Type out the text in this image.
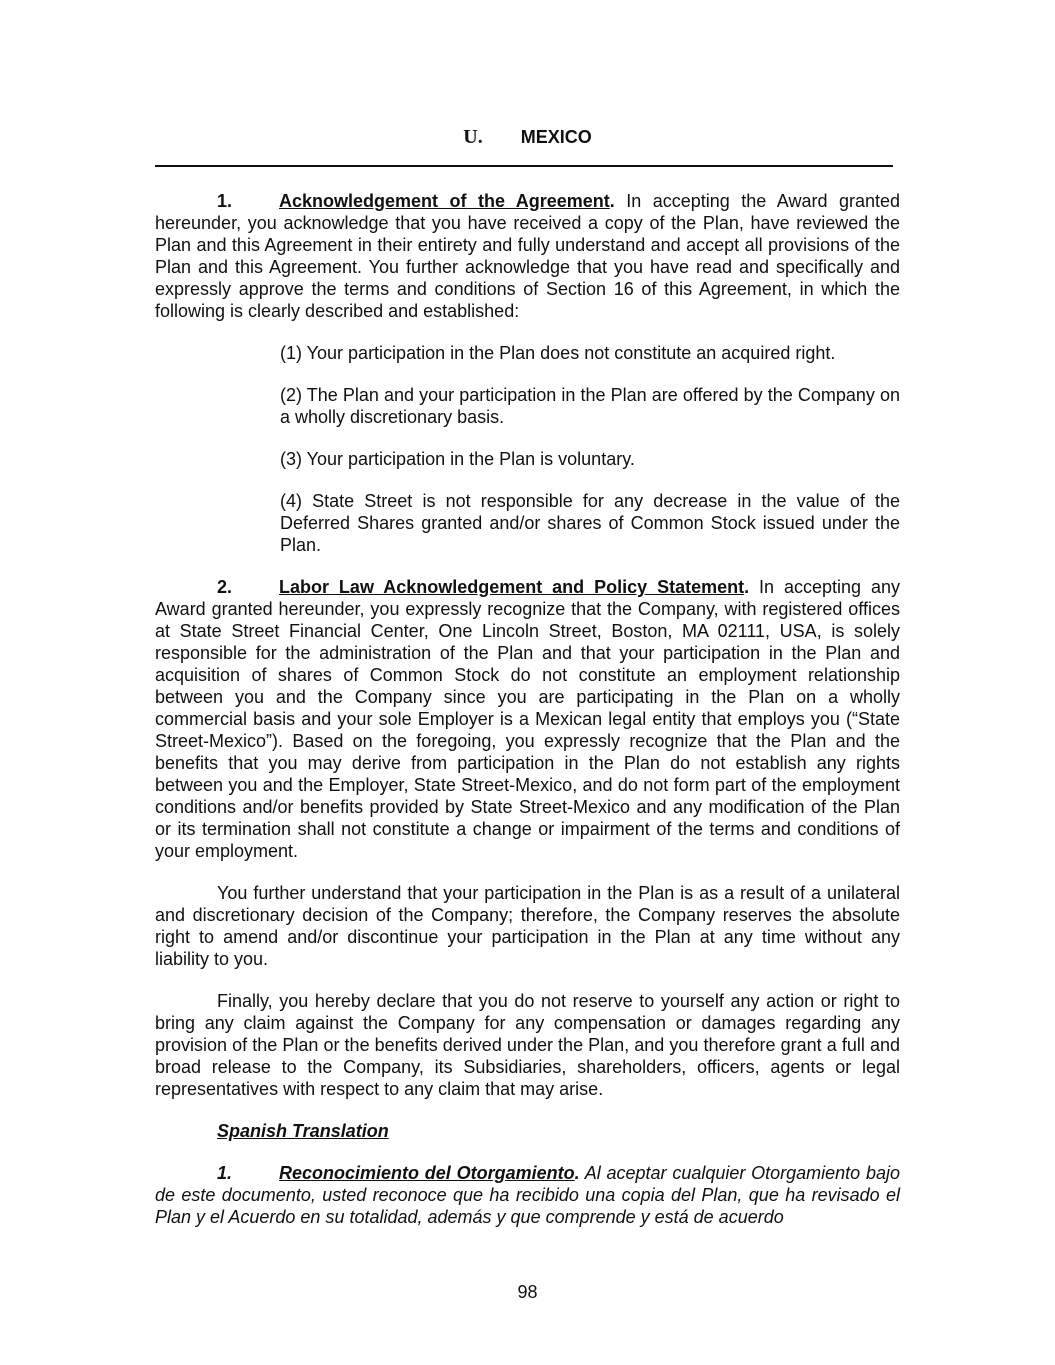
U. MEXICO

1.	Acknowledgement of the Agreement. In accepting the Award granted hereunder, you acknowledge that you have received a copy of the Plan, have reviewed the Plan and this Agreement in their entirety and fully understand and accept all provisions of the Plan and this Agreement. You further acknowledge that you have read and specifically and expressly approve the terms and conditions of Section 16 of this Agreement, in which the following is clearly described and established:

(1) Your participation in the Plan does not constitute an acquired right.

(2) The Plan and your participation in the Plan are offered by the Company on a wholly discretionary basis.

(3) Your participation in the Plan is voluntary.

(4) State Street is not responsible for any decrease in the value of the Deferred Shares granted and/or shares of Common Stock issued under the Plan.

2.	Labor Law Acknowledgement and Policy Statement. In accepting any Award granted hereunder, you expressly recognize that the Company, with registered offices at State Street Financial Center, One Lincoln Street, Boston, MA 02111, USA, is solely responsible for the administration of the Plan and that your participation in the Plan and acquisition of shares of Common Stock do not constitute an employment relationship between you and the Company since you are participating in the Plan on a wholly commercial basis and your sole Employer is a Mexican legal entity that employs you (“State Street-Mexico”). Based on the foregoing, you expressly recognize that the Plan and the benefits that you may derive from participation in the Plan do not establish any rights between you and the Employer, State Street-Mexico, and do not form part of the employment conditions and/or benefits provided by State Street-Mexico and any modification of the Plan or its termination shall not constitute a change or impairment of the terms and conditions of your employment.

You further understand that your participation in the Plan is as a result of a unilateral and discretionary decision of the Company; therefore, the Company reserves the absolute right to amend and/or discontinue your participation in the Plan at any time without any liability to you.

Finally, you hereby declare that you do not reserve to yourself any action or right to bring any claim against the Company for any compensation or damages regarding any provision of the Plan or the benefits derived under the Plan, and you therefore grant a full and broad release to the Company, its Subsidiaries, shareholders, officers, agents or legal representatives with respect to any claim that may arise.

Spanish Translation

1.	Reconocimiento del Otorgamiento. Al aceptar cualquier Otorgamiento bajo de este documento, usted reconoce que ha recibido una copia del Plan, que ha revisado el Plan y el Acuerdo en su totalidad, además y que comprende y está de acuerdo

98
